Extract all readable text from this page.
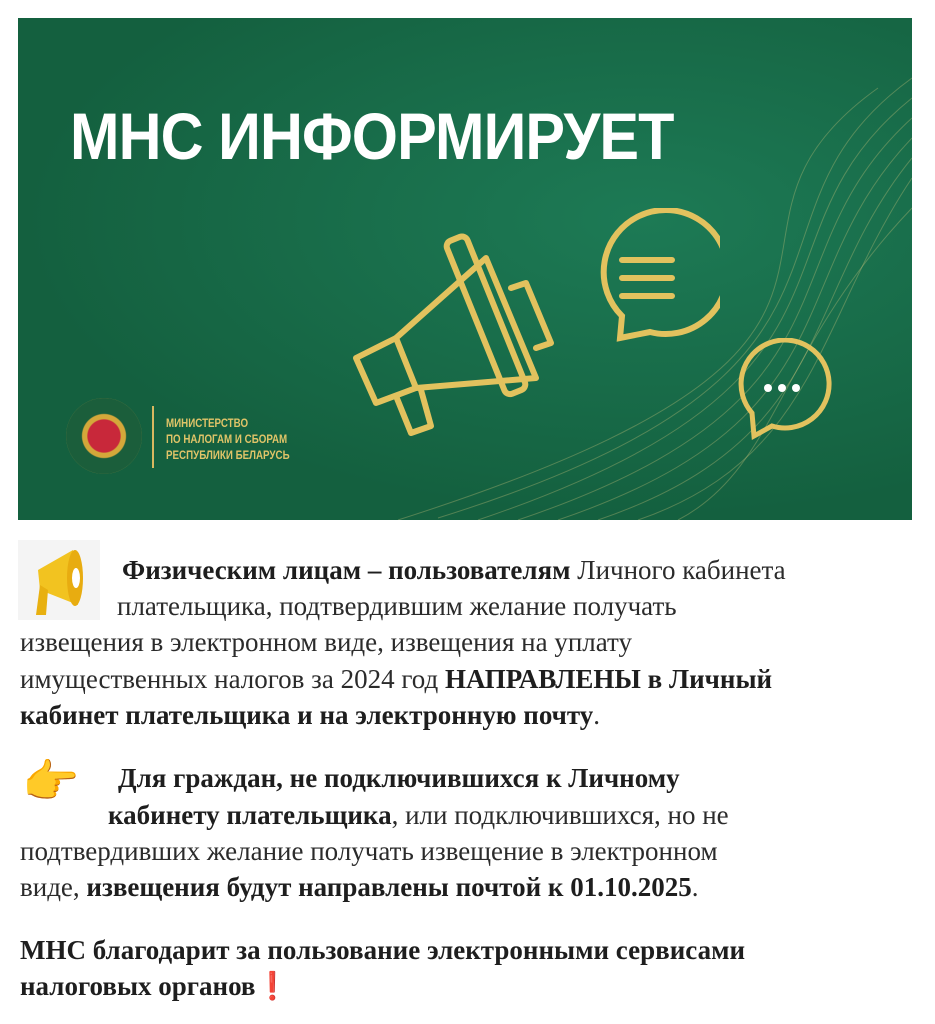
МНС ИНФОРМИРУЕТ
МИНИСТЕРСТВО
ПО НАЛОГАМ И СБОРАМ
РЕСПУБЛИКИ БЕЛАРУСЬ
Физическим лицам – пользователям Личного кабинета
плательщика, подтвердившим желание получать
извещения в электронном виде, извещения на уплату
имущественных налогов за 2024 год НАПРАВЛЕНЫ в Личный
кабинет плательщика и на электронную почту.
👉 Для граждан, не подключившихся к Личному
кабинету плательщика, или подключившихся, но не
подтвердивших желание получать извещение в электронном
виде, извещения будут направлены почтой к 01.10.2025.
МНС благодарит за пользование электронными сервисами
налоговых органов❗
